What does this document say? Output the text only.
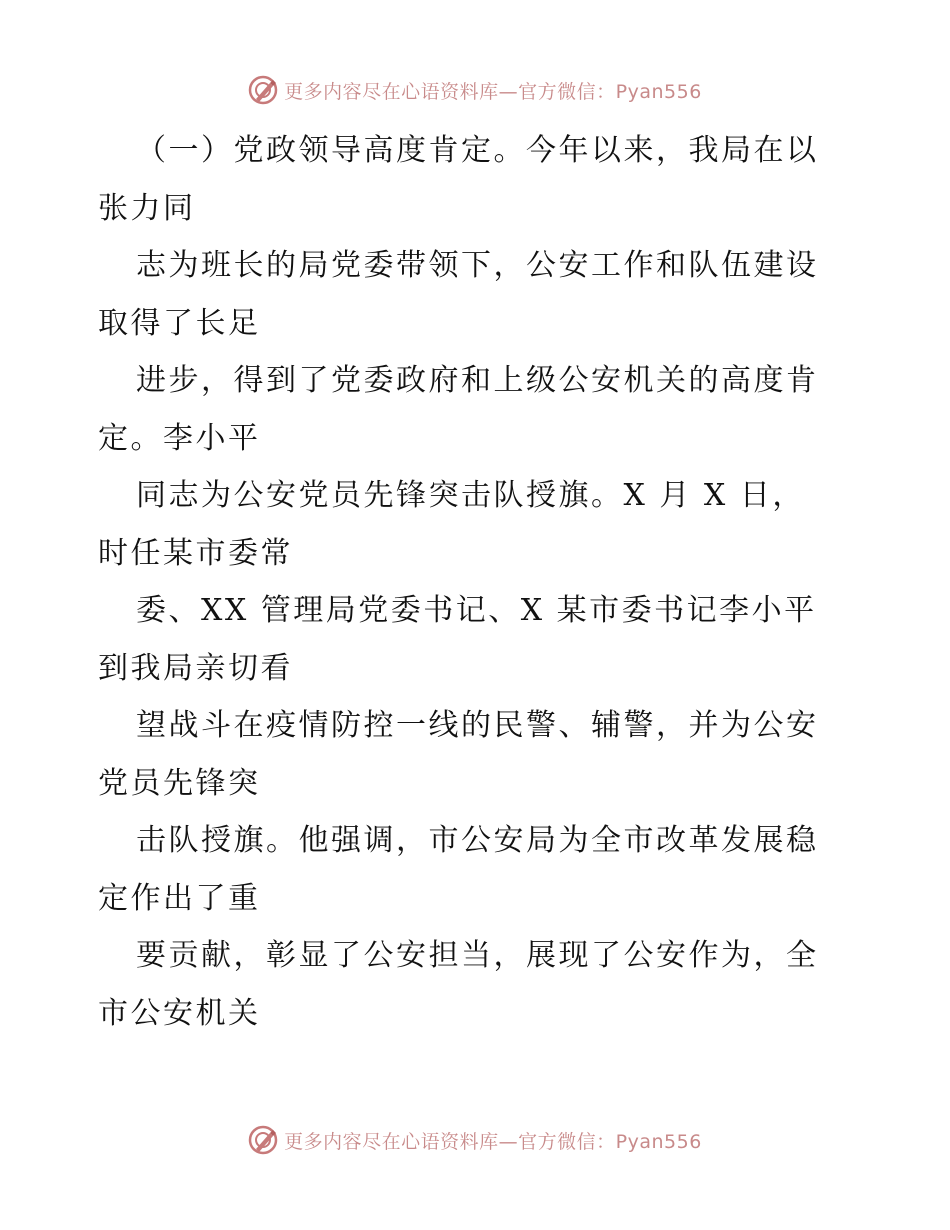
更多内容尽在心语资料库—官方微信：Pyan556
（一）党政领导高度肯定。今年以来，我局在以
张力同
志为班长的局党委带领下，公安工作和队伍建设
取得了长足
进步，得到了党委政府和上级公安机关的高度肯
定。李小平
同志为公安党员先锋突击队授旗。X 月 X 日，
时任某市委常
委、XX 管理局党委书记、X 某市委书记李小平
到我局亲切看
望战斗在疫情防控一线的民警、辅警，并为公安
党员先锋突
击队授旗。他强调，市公安局为全市改革发展稳
定作出了重
要贡献，彰显了公安担当，展现了公安作为，全
市公安机关
更多内容尽在心语资料库—官方微信：Pyan556
